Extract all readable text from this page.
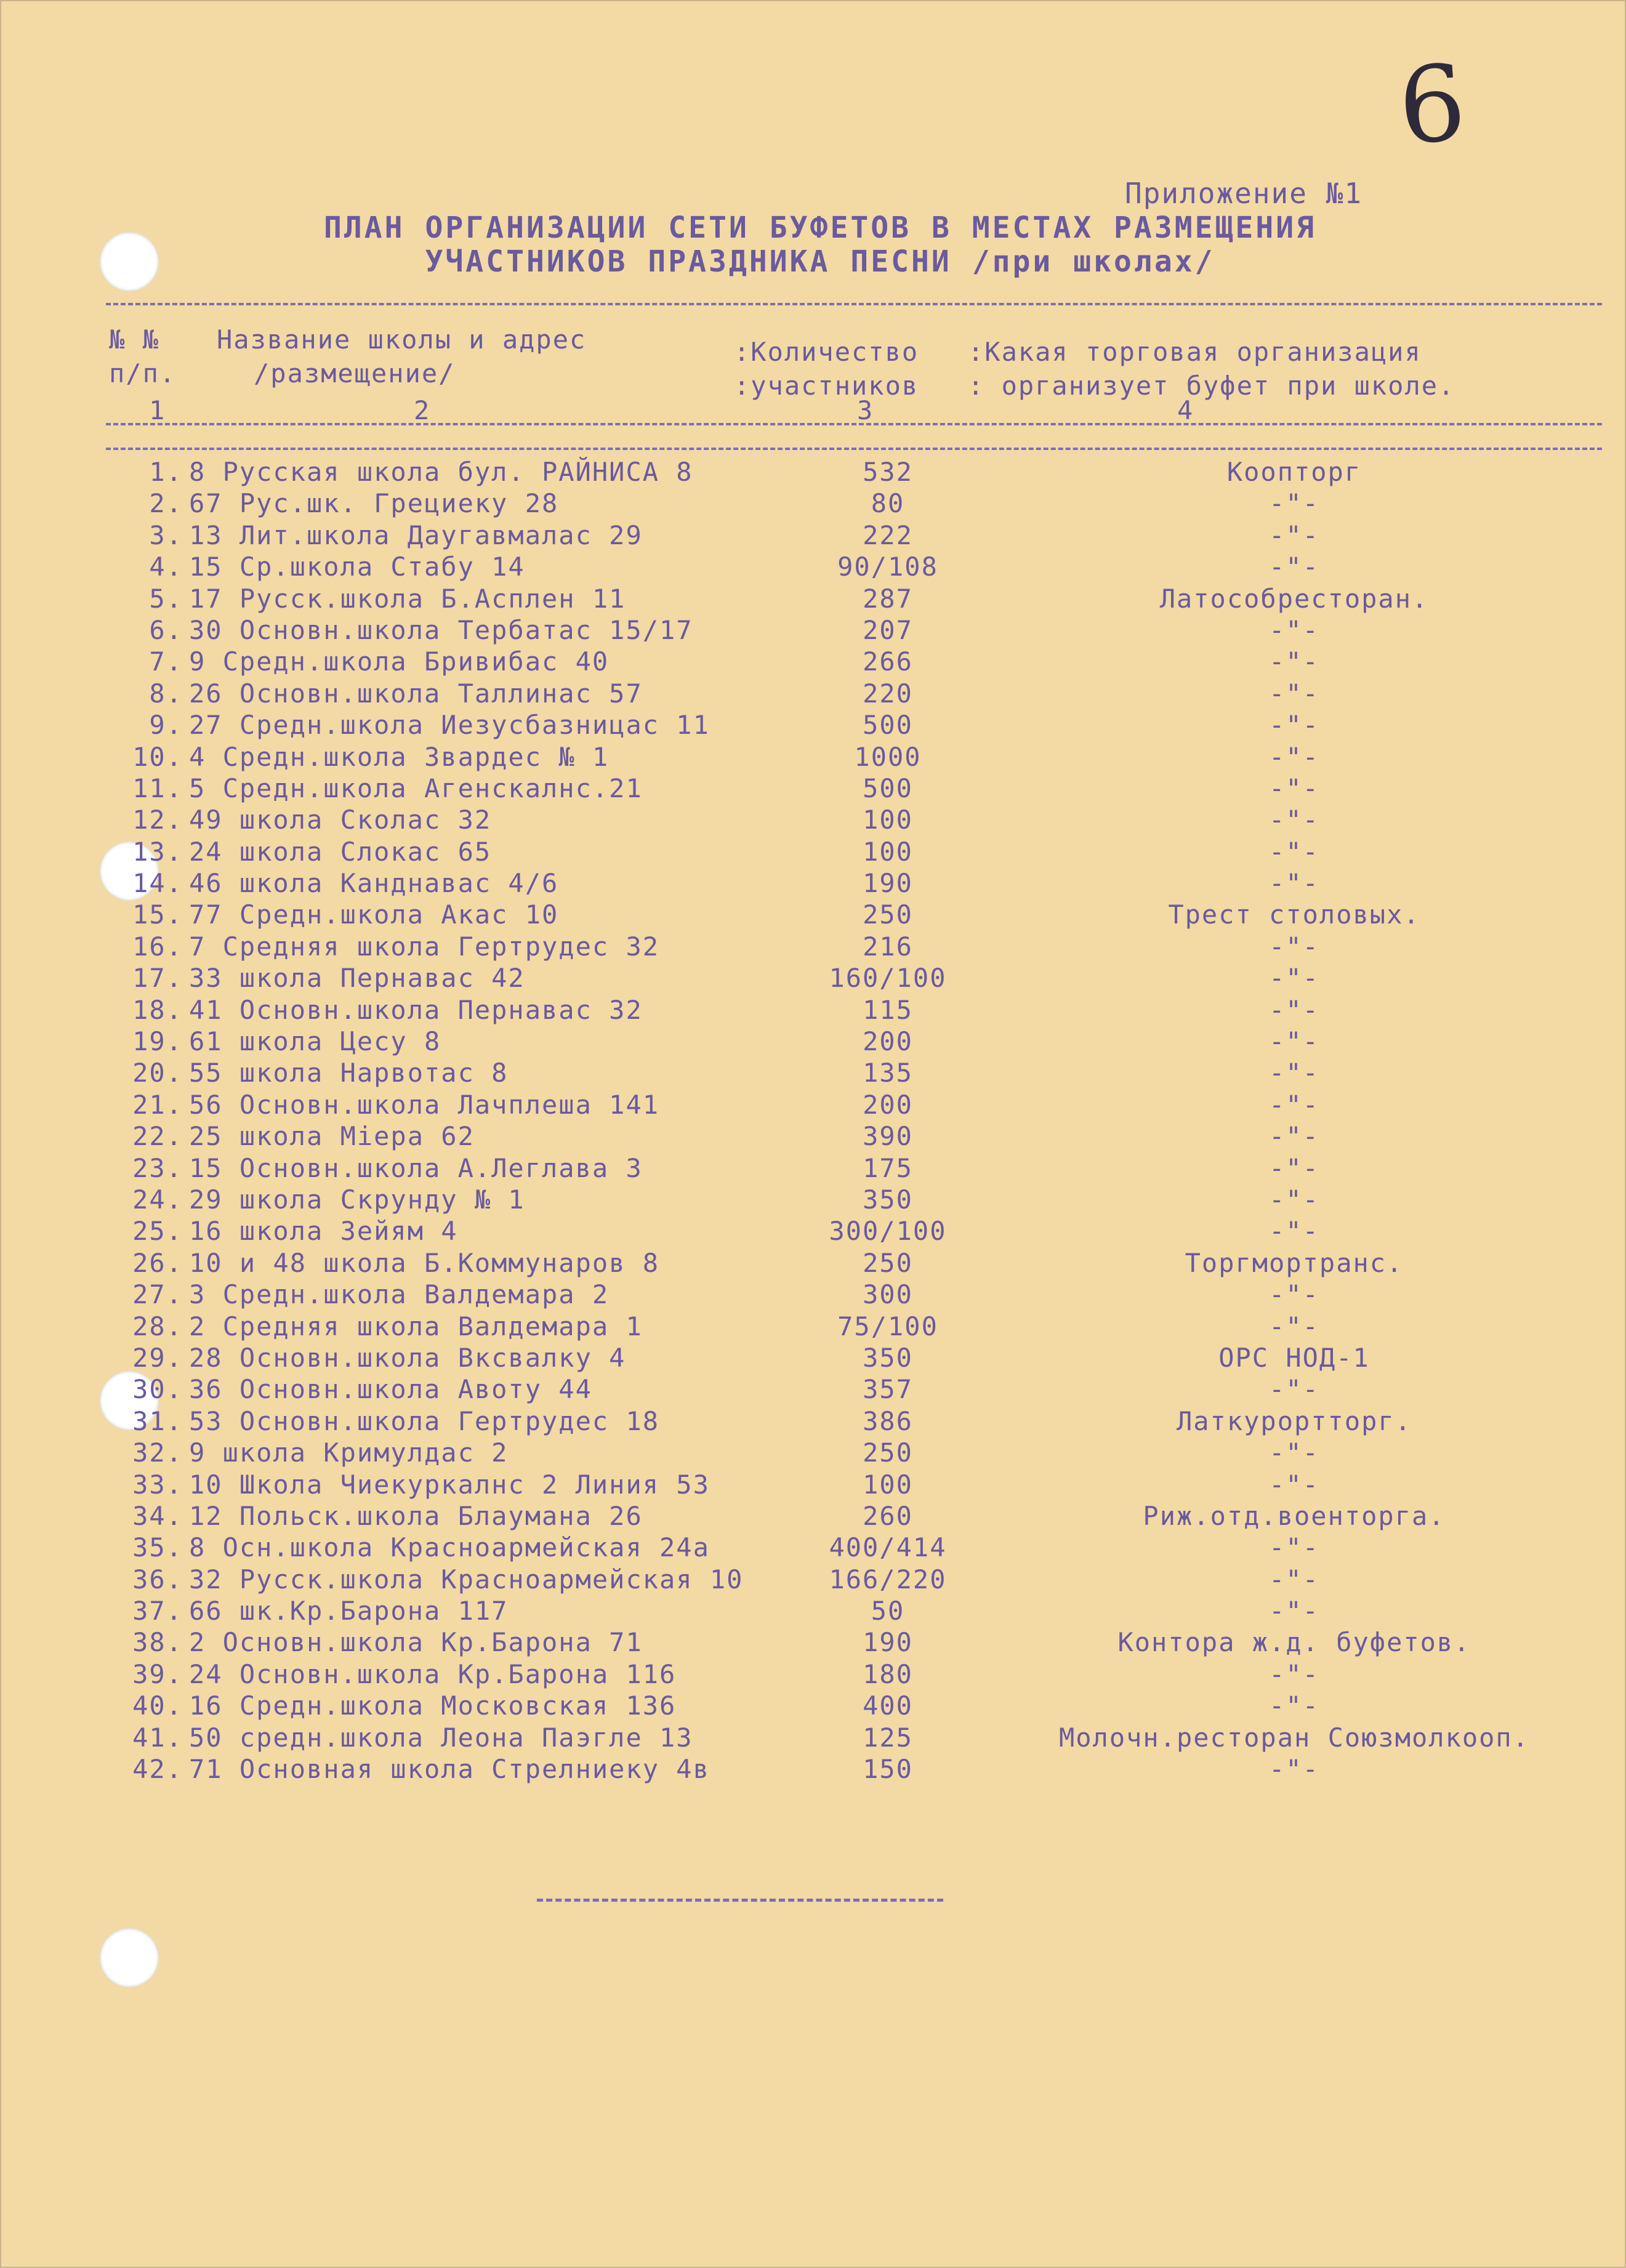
6
Приложение №1
ПЛАН ОРГАНИЗАЦИИ СЕТИ БУФЕТОВ В МЕСТАХ РАЗМЕЩЕНИЯ
УЧАСТНИКОВ ПРАЗДНИКА ПЕСНИ /при школах/
№ №
п/п.
Название школы и адрес
/размещение/
:Количество
:участников
:Какая торговая организация
: организует буфет при школе.
1	2	3	4
1. 8 Русская школа бул. РАЙНИСА 8	532	Коопторг
2. 67 Рус.шк. Грециеку 28	80	-"-
3. 13 Лит.школа Даугавмалас 29	222	-"-
4. 15 Ср.школа Стабу 14	90/108	-"-
5. 17 Русск.школа Б.Асплен 11	287	Латособресторан.
6. 30 Основн.школа Тербатас 15/17	207	-"-
7. 9 Средн.школа Бривибас 40	266	-"-
8. 26 Основн.школа Таллинас 57	220	-"-
9. 27 Средн.школа Иезусбазницас 11	500	-"-
10. 4 Средн.школа Звардес № 1	1000	-"-
11. 5 Средн.школа Агенскалнс.21	500	-"-
12. 49 школа Сколас 32	100	-"-
13. 24 школа Слокас 65	100	-"-
14. 46 школа Канднавас 4/6	190	-"-
15. 77 Средн.школа Акас 10	250	Трест столовых.
16. 7 Средняя школа Гертрудес 32	216	-"-
17. 33 школа Пернавас 42	160/100	-"-
18. 41 Основн.школа Пернавас 32	115	-"-
19. 61 школа Цесу 8	200	-"-
20. 55 школа Нарвотас 8	135	-"-
21. 56 Основн.школа Лачплеша 141	200	-"-
22. 25 школа Мiера 62	390	-"-
23. 15 Основн.школа А.Леглава 3	175	-"-
24. 29 школа Скрунду № 1	350	-"-
25. 16 школа Зейям 4	300/100	-"-
26. 10 и 48 школа Б.Коммунаров 8	250	Торгмортранс.
27. 3 Средн.школа Валдемара 2	300	-"-
28. 2 Средняя школа Валдемара 1	75/100	-"-
29. 28 Основн.школа Вксвалку 4	350	ОРС НОД-1
30. 36 Основн.школа Авоту 44	357	-"-
31. 53 Основн.школа Гертрудес 18	386	Латкурортторг.
32. 9 школа Кримулдас 2	250	-"-
33. 10 Школа Чиекуркалнс 2 Линия 53	100	-"-
34. 12 Польск.школа Блаумана 26	260	Риж.отд.военторга.
35. 8 Осн.школа Красноармейская 24а	400/414	-"-
36. 32 Русск.школа Красноармейская 10	166/220	-"-
37. 66 шк.Кр.Барона 117	50	-"-
38. 2 Основн.школа Кр.Барона 71	190	Контора ж.д. буфетов.
39. 24 Основн.школа Кр.Барона 116	180	-"-
40. 16 Средн.школа Московская 136	400	-"-
41. 50 средн.школа Леона Паэгле 13	125	Молочн.ресторан Союзмолкооп.
42. 71 Основная школа Стрелниеку 4в	150	-"-
